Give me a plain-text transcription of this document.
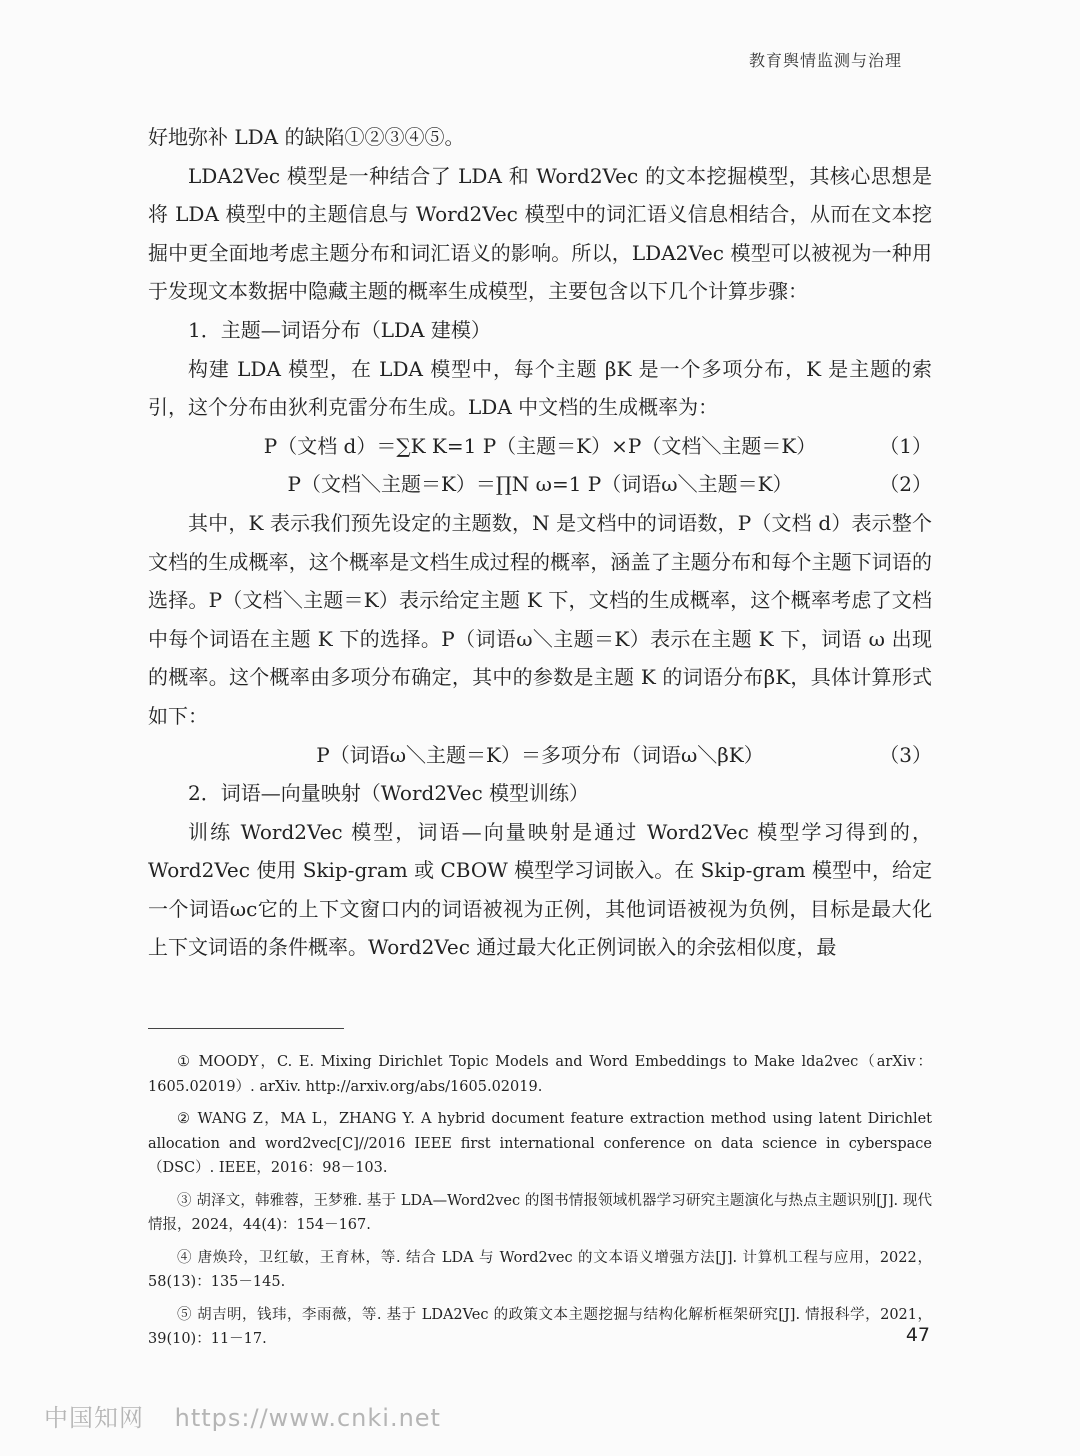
教育舆情监测与治理

好地弥补 LDA 的缺陷①②③④⑤。

LDA2Vec 模型是一种结合了 LDA 和 Word2Vec 的文本挖掘模型，其核心思想是将 LDA 模型中的主题信息与 Word2Vec 模型中的词汇语义信息相结合，从而在文本挖掘中更全面地考虑主题分布和词汇语义的影响。所以，LDA2Vec 模型可以被视为一种用于发现文本数据中隐藏主题的概率生成模型，主要包含以下几个计算步骤：

1．主题—词语分布（LDA 建模）

构建 LDA 模型，在 LDA 模型中，每个主题 βK 是一个多项分布，K 是主题的索引，这个分布由狄利克雷分布生成。LDA 中文档的生成概率为：

P（文档 d）＝∑K K=1 P（主题＝K）×P（文档＼主题＝K）	（1）
P（文档＼主题＝K）＝∏N ω=1 P（词语ω＼主题＝K）	（2）

其中，K 表示我们预先设定的主题数，N 是文档中的词语数，P（文档 d）表示整个文档的生成概率，这个概率是文档生成过程的概率，涵盖了主题分布和每个主题下词语的选择。P（文档＼主题＝K）表示给定主题 K 下，文档的生成概率，这个概率考虑了文档中每个词语在主题 K 下的选择。P（词语ω＼主题＝K）表示在主题 K 下，词语 ω 出现的概率。这个概率由多项分布确定，其中的参数是主题 K 的词语分布βK，具体计算形式如下：

P（词语ω＼主题＝K）＝多项分布（词语ω＼βK）	（3）

2．词语—向量映射（Word2Vec 模型训练）

训练 Word2Vec 模型，词语—向量映射是通过 Word2Vec 模型学习得到的，Word2Vec 使用 Skip-gram 或 CBOW 模型学习词嵌入。在 Skip-gram 模型中，给定一个词语ωc它的上下文窗口内的词语被视为正例，其他词语被视为负例，目标是最大化上下文词语的条件概率。Word2Vec 通过最大化正例词嵌入的余弦相似度，最

① MOODY，C. E. Mixing Dirichlet Topic Models and Word Embeddings to Make lda2vec（arXiv：1605.02019）. arXiv. http://arxiv.org/abs/1605.02019.

② WANG Z，MA L，ZHANG Y. A hybrid document feature extraction method using latent Dirichlet allocation and word2vec[C]//2016 IEEE first international conference on data science in cyberspace（DSC）. IEEE，2016：98－103.

③ 胡泽文，韩雅蓉，王梦雅. 基于 LDA—Word2vec 的图书情报领域机器学习研究主题演化与热点主题识别[J]. 现代情报，2024，44(4)：154－167.

④ 唐焕玲，卫红敏，王育林，等. 结合 LDA 与 Word2vec 的文本语义增强方法[J]. 计算机工程与应用，2022，58(13)：135－145.

⑤ 胡吉明，钱玮，李雨薇，等. 基于 LDA2Vec 的政策文本主题挖掘与结构化解析框架研究[J]. 情报科学，2021，39(10)：11－17.	47
中国知网 https://www.cnki.net
